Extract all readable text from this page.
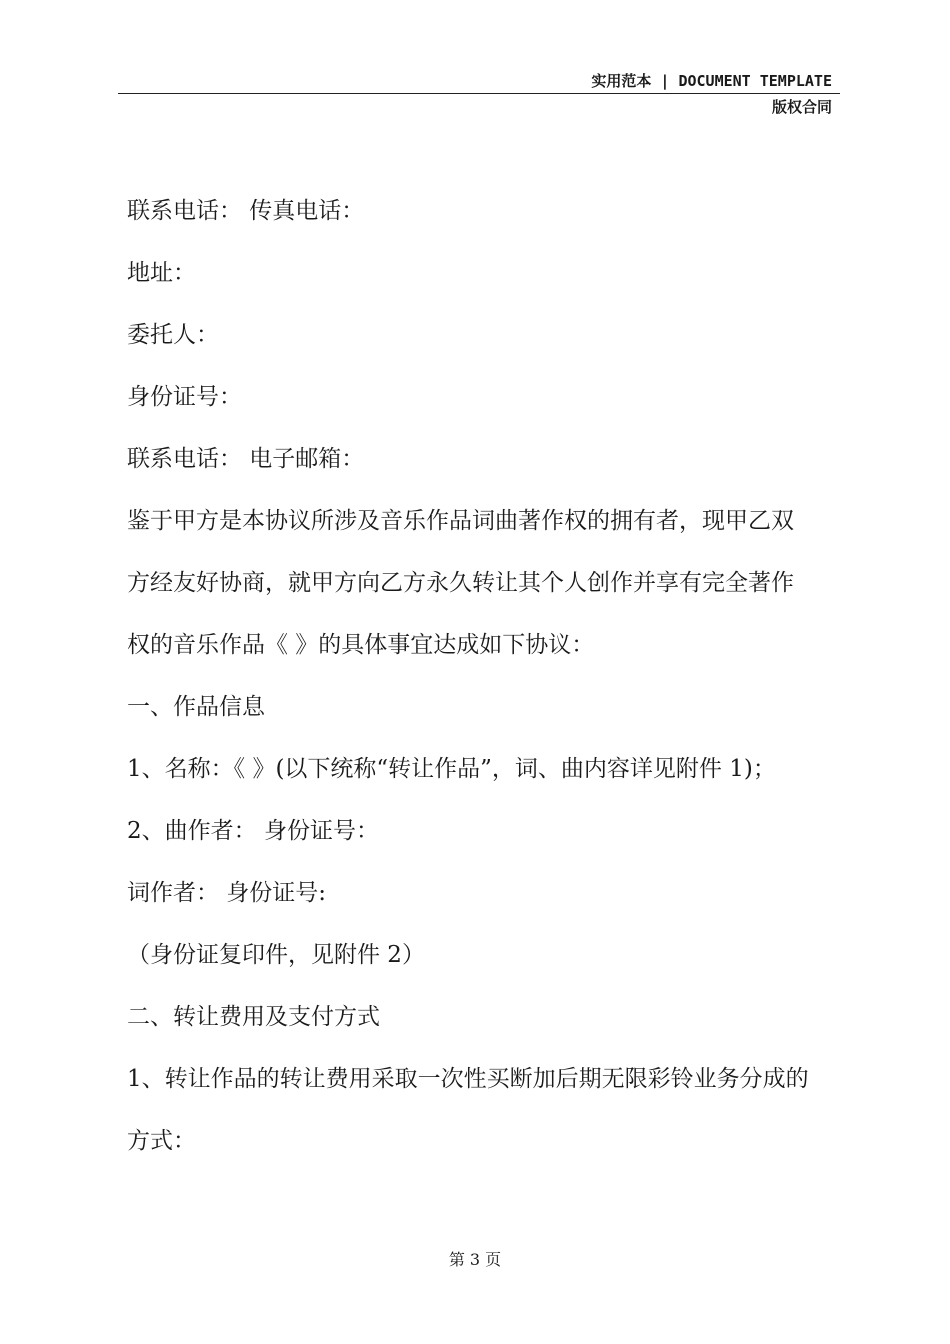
实用范本 | DOCUMENT TEMPLATE
版权合同

联系电话： 传真电话：

地址：

委托人：

身份证号：

联系电话： 电子邮箱：

鉴于甲方是本协议所涉及音乐作品词曲著作权的拥有者，现甲乙双

方经友好协商，就甲方向乙方永久转让其个人创作并享有完全著作

权的音乐作品《 》的具体事宜达成如下协议：

一、作品信息

1、名称：《 》(以下统称“转让作品”，词、曲内容详见附件 1)；

2、曲作者： 身份证号：

词作者： 身份证号:

（身份证复印件，见附件 2）

二、转让费用及支付方式

1、转让作品的转让费用采取一次性买断加后期无限彩铃业务分成的

方式：

第 3 页
